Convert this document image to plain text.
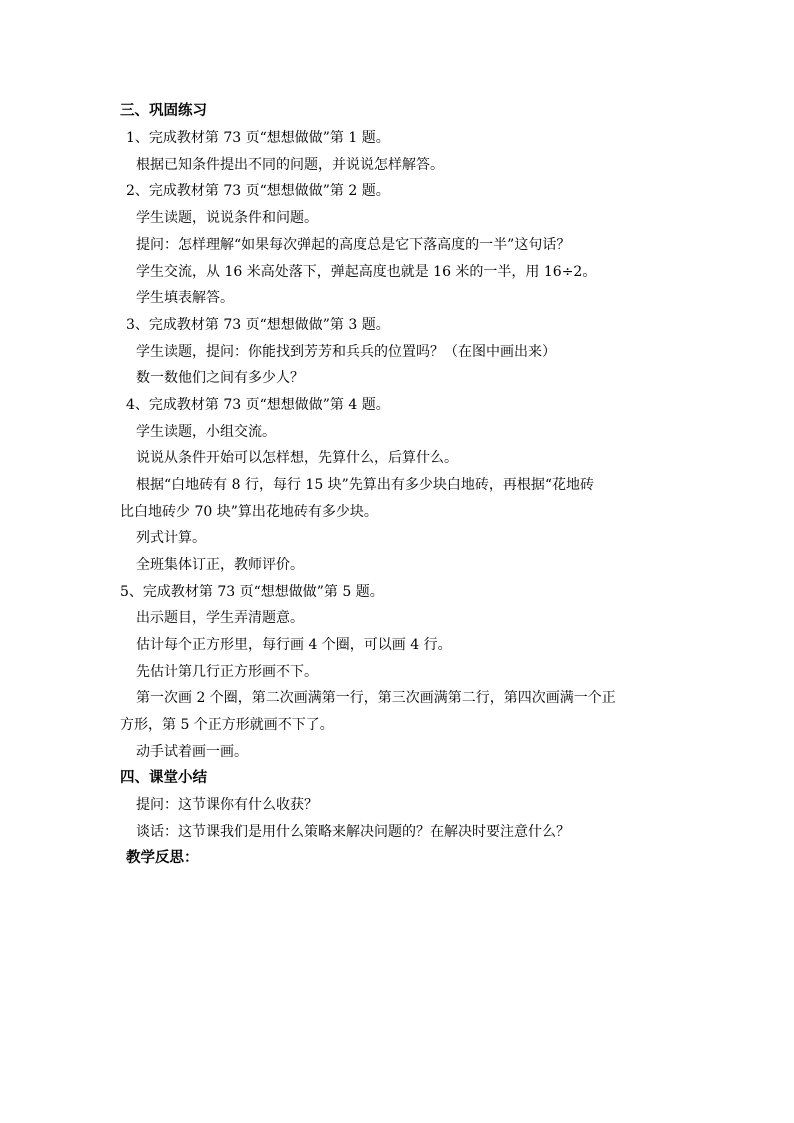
三、巩固练习
1、完成教材第 73 页“想想做做”第 1 题。
根据已知条件提出不同的问题，并说说怎样解答。
2、完成教材第 73 页“想想做做”第 2 题。
学生读题，说说条件和问题。
提问：怎样理解“如果每次弹起的高度总是它下落高度的一半”这句话？
学生交流，从 16 米高处落下，弹起高度也就是 16 米的一半，用 16÷2。
学生填表解答。
3、完成教材第 73 页“想想做做”第 3 题。
学生读题，提问：你能找到芳芳和兵兵的位置吗？（在图中画出来）
数一数他们之间有多少人？
4、完成教材第 73 页“想想做做”第 4 题。
学生读题，小组交流。
说说从条件开始可以怎样想，先算什么，后算什么。
根据“白地砖有 8 行，每行 15 块”先算出有多少块白地砖，再根据“花地砖
比白地砖少 70 块”算出花地砖有多少块。
列式计算。
全班集体订正，教师评价。
5、完成教材第 73 页“想想做做”第 5 题。
出示题目，学生弄清题意。
估计每个正方形里，每行画 4 个圈，可以画 4 行。
先估计第几行正方形画不下。
第一次画 2 个圈，第二次画满第一行，第三次画满第二行，第四次画满一个正
方形，第 5 个正方形就画不下了。
动手试着画一画。
四、课堂小结
提问：这节课你有什么收获？
谈话：这节课我们是用什么策略来解决问题的？在解决时要注意什么？
教学反思：
